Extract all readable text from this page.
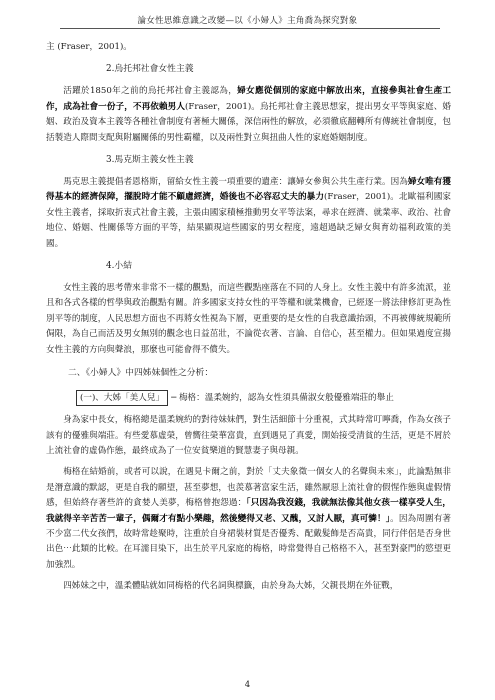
論女性思維意識之改變—以《小婦人》主角喬為探究對象

主 (Fraser，2001)。

2.烏托邦社會女性主義

活躍於1850年之前的烏托邦社會主義認為，婦女應從個別的家庭中解放出來，直接參與社會生產工作，成為社會一份子，不再依賴男人(Fraser，2001)。烏托邦社會主義思想家，提出男女平等與家庭、婚姻、政治及資本主義等各種社會制度有著極大關係，深信兩性的解放，必須徹底翻轉所有傳統社會制度，包括製造人際間支配與附屬關係的男性霸權，以及兩性對立與扭曲人性的家庭婚姻制度。

3.馬克斯主義女性主義

馬克思主義提倡者恩格斯，留給女性主義一項重要的遺產：讓婦女參與公共生產行業。因為婦女唯有獲得基本的經濟保障，擺脫時才能不顧慮經濟，婚後也不必容忍丈夫的暴力(Fraser，2001)。北歐福利國家女性主義者，採取折衷式社會主義，主張由國家積極推動男女平等法案，尋求在經濟、就業率、政治、社會地位、婚姻、性關係等方面的平等，結果顯現這些國家的男女程度，遠超過缺乏婦女與育幼福利政策的美國。

4.小結

女性主義的思考帶來非常不一樣的觀點，而這些觀點座落在不同的人身上。女性主義中有許多流派，並且和各式各樣的哲學與政治觀點有關。許多國家支持女性的平等權和就業機會，已經逐一將法律修訂更為性別平等的制度，人民思想方面也不再將女性視為下層，更重要的是女性的自我意識抬頭，不再被傳統規範所侷限，為自己而活及男女無別的觀念也日益茁壯，不論從衣著、言論、自信心，甚至權力。但如果過度宣揚女性主義的方向與聲浪，那麼也可能會得不償失。

二、《小婦人》中四姊妹個性之分析：

(一)、大姊「美人兒」 ─ 梅格：溫柔婉約，認為女性須具備淑女般優雅端莊的舉止

身為家中長女，梅格總是溫柔婉約的對待妹妹們，對生活細節十分重視，式其時常叮嚀喬，作為女孩子該有的優雅與端莊。有些愛慕虛榮，曾嚮往榮華富貴，直到遇見了真愛，開始接受清貧的生活，更是不屑於上流社會的虛偽作態，最終成為了一位安貧樂道的賢慧妻子與母親。

梅格在結婚前，或者可以說，在遇見卡爾之前，對於「丈夫象徵一個女人的名聲與未來」，此論點無非是潛意識的默認，更是自我的願望，甚至夢想，也羨慕著富家生活，雖然厭惡上流社會的假惺作態與虛假情感，但始終存著些許的貪婪人美夢，梅格曾抱怨過：「只因為我沒錢，我就無法像其他女孩一樣享受人生，我就得辛辛苦苦一輩子，偶爾才有點小樂趣，然後變得又老、又醜，又討人厭，真可憐！」。因為周圍有著不少富二代女孩們，故時常趁聚時，注重於自身裙裝材質是否優秀、配戴髮飾是否高貴，同行伴侶是否身世出色⋯此類的比較。在耳濡目染下，出生於平凡家庭的梅格，時常覺得自己格格不入，甚至對豪門的慾望更加強烈。

四姊妹之中，溫柔體貼就如同梅格的代名詞與標籤，由於身為大姊，父親長期在外征戰，

4
